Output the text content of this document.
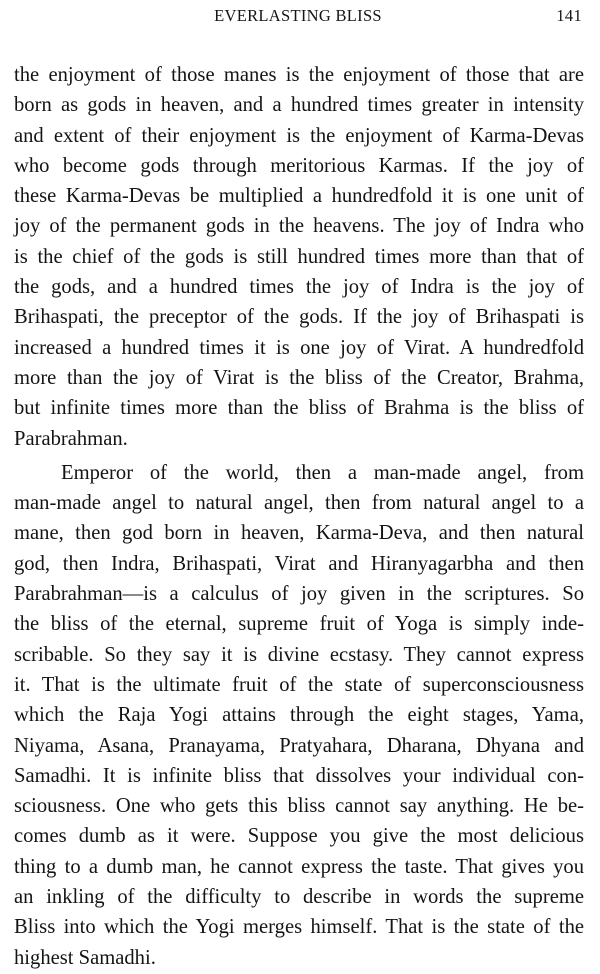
EVERLASTING BLISS	141

the enjoyment of those manes is the enjoyment of those that are
born as gods in heaven, and a hundred times greater in intensity
and extent of their enjoyment is the enjoyment of Karma-Devas
who become gods through meritorious Karmas. If the joy of
these Karma-Devas be multiplied a hundredfold it is one unit of
joy of the permanent gods in the heavens. The joy of Indra who
is the chief of the gods is still hundred times more than that of
the gods, and a hundred times the joy of Indra is the joy of
Brihaspati, the preceptor of the gods. If the joy of Brihaspati is
increased a hundred times it is one joy of Virat. A hundredfold
more than the joy of Virat is the bliss of the Creator, Brahma,
but infinite times more than the bliss of Brahma is the bliss of
Parabrahman.

Emperor of the world, then a man-made angel, from
man-made angel to natural angel, then from natural angel to a
mane, then god born in heaven, Karma-Deva, and then natural
god, then Indra, Brihaspati, Virat and Hiranyagarbha and then
Parabrahman—is a calculus of joy given in the scriptures. So
the bliss of the eternal, supreme fruit of Yoga is simply inde-
scribable. So they say it is divine ecstasy. They cannot express
it. That is the ultimate fruit of the state of superconsciousness
which the Raja Yogi attains through the eight stages, Yama,
Niyama, Asana, Pranayama, Pratyahara, Dharana, Dhyana and
Samadhi. It is infinite bliss that dissolves your individual con-
sciousness. One who gets this bliss cannot say anything. He be-
comes dumb as it were. Suppose you give the most delicious
thing to a dumb man, he cannot express the taste. That gives you
an inkling of the difficulty to describe in words the supreme
Bliss into which the Yogi merges himself. That is the state of the
highest Samadhi.
